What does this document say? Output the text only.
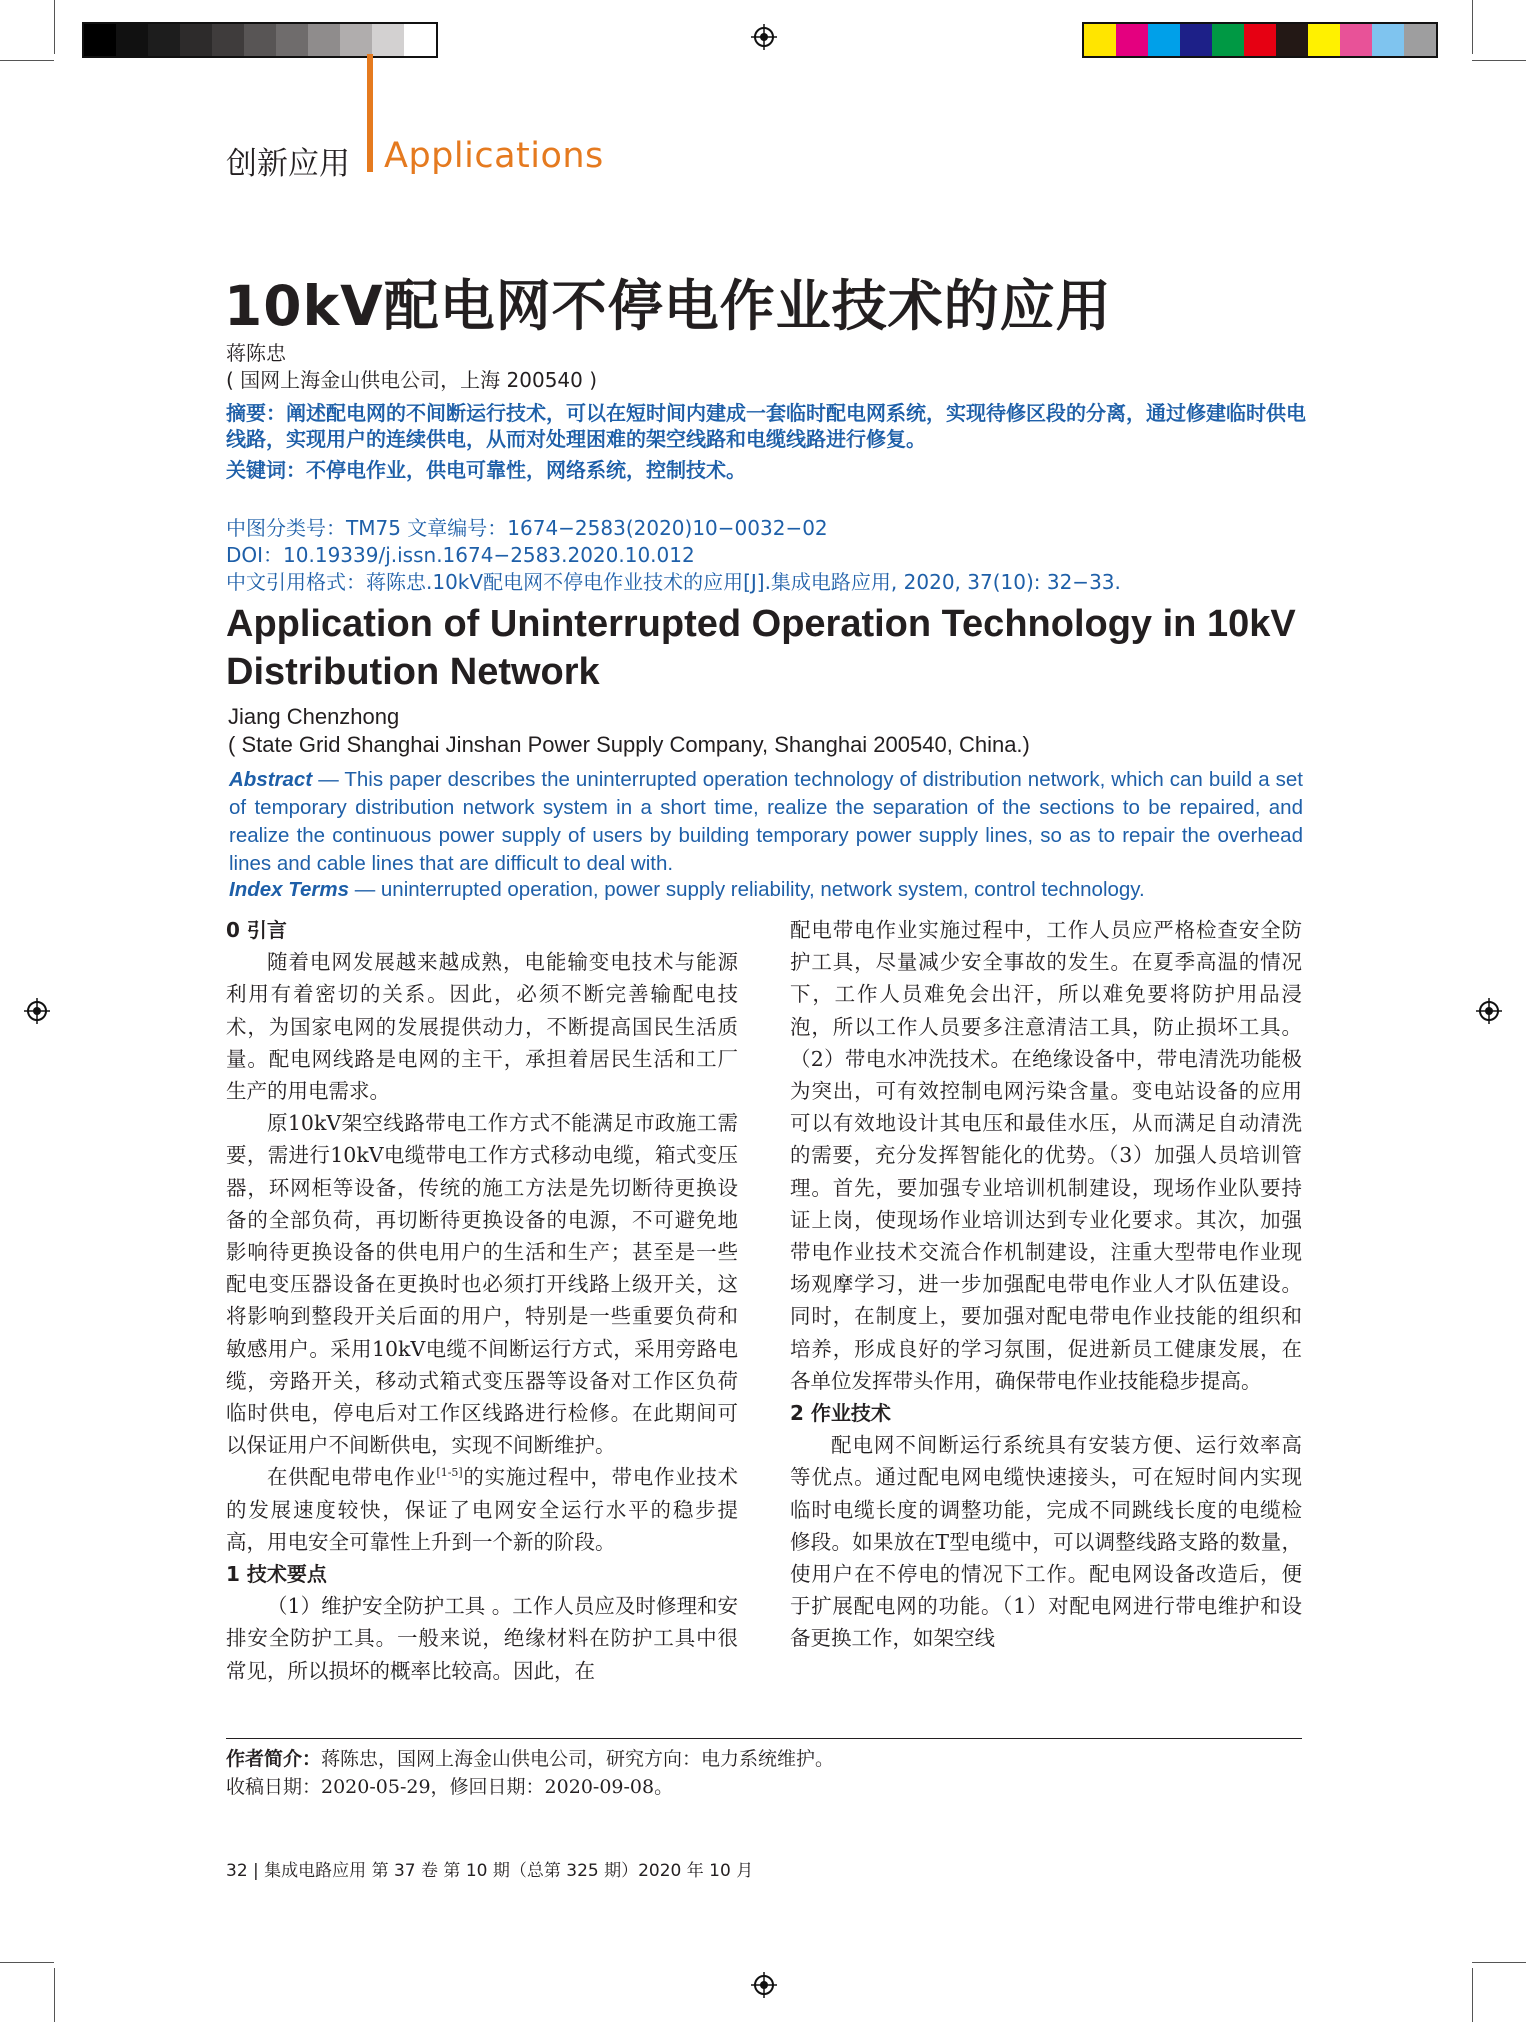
创新应用 Applications
10kV配电网不停电作业技术的应用
蒋陈忠
( 国网上海金山供电公司，上海 200540 )
摘要：阐述配电网的不间断运行技术，可以在短时间内建成一套临时配电网系统，实现待修区段的分离，通过修建临时供电线路，实现用户的连续供电，从而对处理困难的架空线路和电缆线路进行修复。
关键词：不停电作业，供电可靠性，网络系统，控制技术。
中图分类号：TM75 文章编号：1674−2583(2020)10−0032−02
DOI：10.19339/j.issn.1674−2583.2020.10.012
中文引用格式：蒋陈忠.10kV配电网不停电作业技术的应用[J].集成电路应用, 2020, 37(10): 32−33.
Application of Uninterrupted Operation Technology in 10kV Distribution Network
Jiang Chenzhong
( State Grid Shanghai Jinshan Power Supply Company, Shanghai 200540, China.)
Abstract — This paper describes the uninterrupted operation technology of distribution network, which can build a set of temporary distribution network system in a short time, realize the separation of the sections to be repaired, and realize the continuous power supply of users by building temporary power supply lines, so as to repair the overhead lines and cable lines that are difficult to deal with.
Index Terms — uninterrupted operation, power supply reliability, network system, control technology.
0 引言

随着电网发展越来越成熟，电能输变电技术与能源利用有着密切的关系。因此，必须不断完善输配电技术，为国家电网的发展提供动力，不断提高国民生活质量。配电网线路是电网的主干，承担着居民生活和工厂生产的用电需求。

原10kV架空线路带电工作方式不能满足市政施工需要，需进行10kV电缆带电工作方式移动电缆，箱式变压器，环网柜等设备，传统的施工方法是先切断待更换设备的全部负荷，再切断待更换设备的电源，不可避免地影响待更换设备的供电用户的生活和生产；甚至是一些配电变压器设备在更换时也必须打开线路上级开关，这将影响到整段开关后面的用户，特别是一些重要负荷和敏感用户。采用10kV电缆不间断运行方式，采用旁路电缆，旁路开关，移动式箱式变压器等设备对工作区负荷临时供电，停电后对工作区线路进行检修。在此期间可以保证用户不间断供电，实现不间断维护。

在供配电带电作业[1-5]的实施过程中，带电作业技术的发展速度较快，保证了电网安全运行水平的稳步提高，用电安全可靠性上升到一个新的阶段。

1 技术要点

（1）维护安全防护工具 。工作人员应及时修理和安排安全防护工具。一般来说，绝缘材料在防护工具中很常见，所以损坏的概率比较高。因此，在

配电带电作业实施过程中，工作人员应严格检查安全防护工具，尽量减少安全事故的发生。在夏季高温的情况下，工作人员难免会出汗，所以难免要将防护用品浸泡，所以工作人员要多注意清洁工具，防止损坏工具。（2）带电水冲洗技术。在绝缘设备中，带电清洗功能极为突出，可有效控制电网污染含量。变电站设备的应用可以有效地设计其电压和最佳水压，从而满足自动清洗的需要，充分发挥智能化的优势。（3）加强人员培训管理。首先，要加强专业培训机制建设，现场作业队要持证上岗，使现场作业培训达到专业化要求。其次，加强带电作业技术交流合作机制建设，注重大型带电作业现场观摩学习，进一步加强配电带电作业人才队伍建设。同时，在制度上，要加强对配电带电作业技能的组织和培养，形成良好的学习氛围，促进新员工健康发展，在各单位发挥带头作用，确保带电作业技能稳步提高。

2 作业技术

配电网不间断运行系统具有安装方便、运行效率高等优点。通过配电网电缆快速接头，可在短时间内实现临时电缆长度的调整功能，完成不同跳线长度的电缆检修段。如果放在T型电缆中，可以调整线路支路的数量，使用户在不停电的情况下工作。配电网设备改造后，便于扩展配电网的功能。（1）对配电网进行带电维护和设备更换工作，如架空线

作者简介：蒋陈忠，国网上海金山供电公司，研究方向：电力系统维护。
收稿日期：2020-05-29，修回日期：2020-09-08。
32 | 集成电路应用 第 37 卷 第 10 期（总第 325 期）2020 年 10 月
